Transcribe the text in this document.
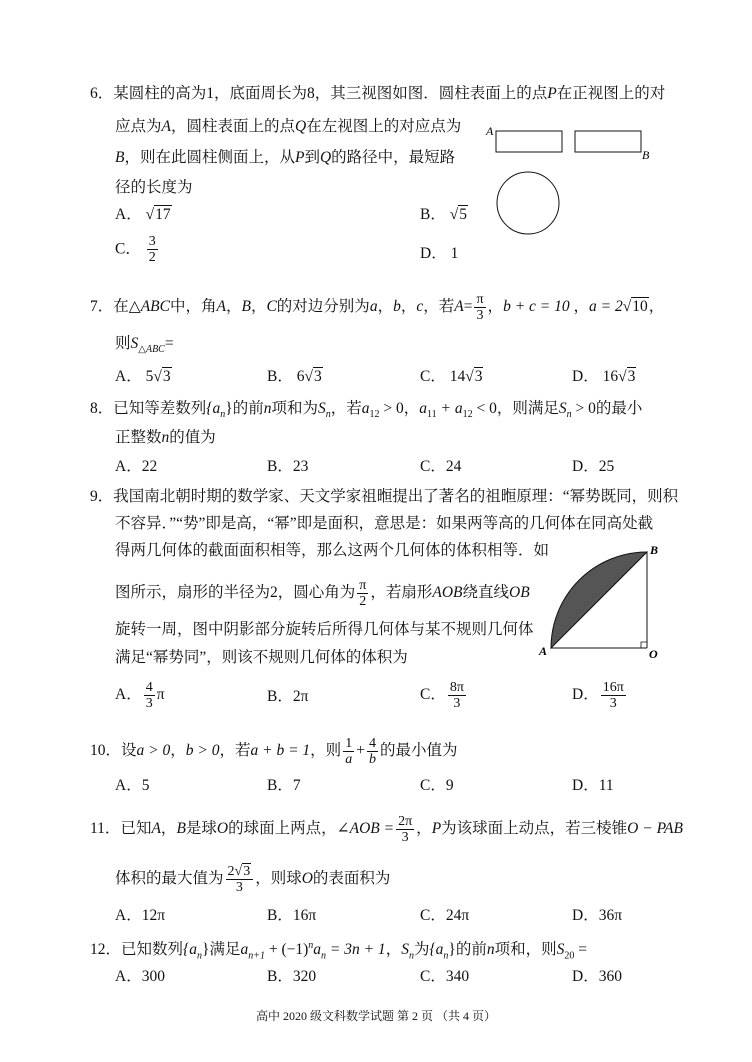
6．某圆柱的高为1，底面周长为8，其三视图如图．圆柱表面上的点P在正视图上的对
应点为A，圆柱表面上的点Q在左视图上的对应点为
B，则在此圆柱侧面上，从P到Q的路径中，最短路
径的长度为
A
B
A． √17	B． √5
C． $\frac{3}{2}$	D． 1
7．在△ABC中，角A，B，C的对边分别为a，b，c，若$A= \frac{\pi}{3}$ ，b + c = 10 ，a = 2√10，
则$S_{\triangle ABC}=$
A． 5√3	B． 6√3	C． 14√3	D． 16√3
8．已知等差数列$\{a_n\}$的前n项和为$S_n$，若$a_{12} > 0$，$a_{11} + a_{12} < 0$，则满足$S_n > 0$的最小
正整数n的值为
A．22	B．23	C．24	D．25
9．我国南北朝时期的数学家、天文学家祖暅提出了著名的祖暅原理：“幂势既同，则积
不容异．”“势”即是高，“幂”即是面积，意思是：如果两等高的几何体在同高处截
得两几何体的截面面积相等，那么这两个几何体的体积相等．如
图所示，扇形的半径为2，圆心角为 $\frac{\pi}{2}$ ，若扇形AOB绕直线OB
旋转一周，图中阴影部分旋转后所得几何体与某不规则几何体
满足“幂势同”，则该不规则几何体的体积为
B
A	O
A． $\frac{4}{3}$ π	B．2π	C． $\frac{8\pi}{3}$	D． $\frac{16\pi}{3}$
10．设a > 0，b > 0，若a + b = 1，则 $\frac{1}{a} + \frac{4}{b}$ 的最小值为
A．5	B．7	C．9	D．11
11．已知A，B是球O的球面上两点，∠AOB = $\frac{2\pi}{3}$ ，P为该球面上动点，若三棱锥O − PAB
体积的最大值为 $\frac{2√3}{3}$ ，则球O的表面积为
A．12π	B．16π	C．24π	D．36π
12．已知数列$\{a_n\}$满足$a_{n+1} + (-1)^na_n = 3n + 1$，$S_n$为$\{a_n\}$的前n项和，则$S_{20}$ =
A．300	B．320	C．340	D．360
高中 2020 级文科数学试题 第 2 页 （共 4 页）
